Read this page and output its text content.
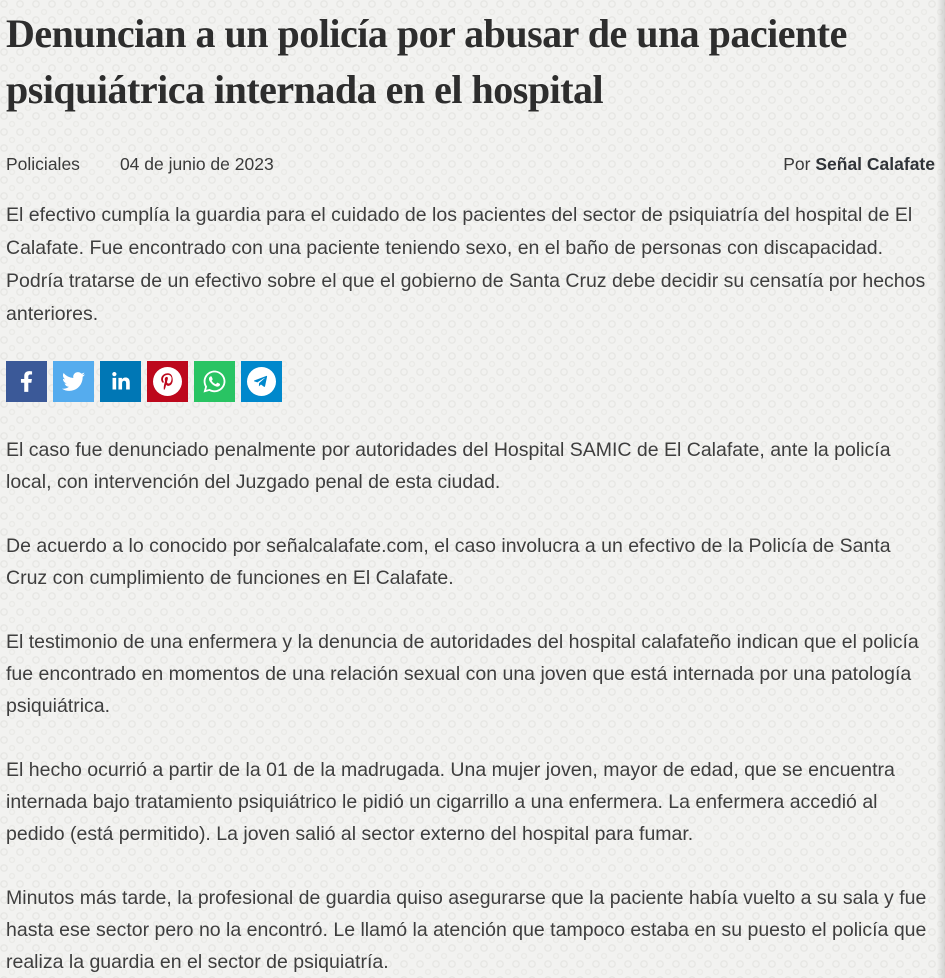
Denuncian a un policía por abusar de una paciente psiquiátrica internada en el hospital
Policiales 04 de junio de 2023	Por Señal Calafate

El efectivo cumplía la guardia para el cuidado de los pacientes del sector de psiquiatría del hospital de El Calafate. Fue encontrado con una paciente teniendo sexo, en el baño de personas con discapacidad. Podría tratarse de un efectivo sobre el que el gobierno de Santa Cruz debe decidir su censatía por hechos anteriores.

El caso fue denunciado penalmente por autoridades del Hospital SAMIC de El Calafate, ante la policía local, con intervención del Juzgado penal de esta ciudad.

De acuerdo a lo conocido por señalcalafate.com, el caso involucra a un efectivo de la Policía de Santa Cruz con cumplimiento de funciones en El Calafate.

El testimonio de una enfermera y la denuncia de autoridades del hospital calafateño indican que el policía fue encontrado en momentos de una relación sexual con una joven que está internada por una patología psiquiátrica.

El hecho ocurrió a partir de la 01 de la madrugada. Una mujer joven, mayor de edad, que se encuentra internada bajo tratamiento psiquiátrico le pidió un cigarrillo a una enfermera. La enfermera accedió al pedido (está permitido). La joven salió al sector externo del hospital para fumar.

Minutos más tarde, la profesional de guardia quiso asegurarse que la paciente había vuelto a su sala y fue hasta ese sector pero no la encontró. Le llamó la atención que tampoco estaba en su puesto el policía que realiza la guardia en el sector de psiquiatría.
